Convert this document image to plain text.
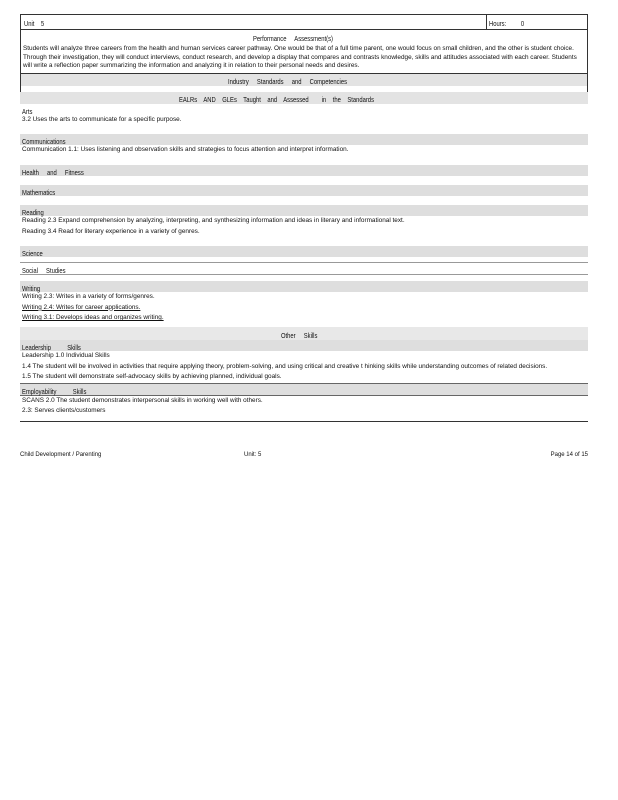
Unit 5	Hours: 0
Performance     Assessment(s)
Students will analyze three careers from the health and human services career pathway. One would be that of a full time parent, one would focus on small children, and the other is student choice. Through their investigation, they will conduct interviews, conduct research, and develop a display that compares and contrasts knowledge, skills and attitudes associated with each career. Students will write a reflection paper summarizing the information and analyzing it in relation to their personal needs and desires.
Industry     Standards     and     Competencies
EALRs    AND    GLEs    Taught    and    Assessed        in    the    Standards
Arts
3.2 Uses the arts to communicate for a specific purpose.
Communications
Communication 1.1: Uses listening and observation skills and strategies to focus attention and interpret information.
Health     and     Fitness
Mathematics
Reading
Reading 2.3 Expand comprehension by analyzing, interpreting, and synthesizing information and ideas in literary and informational text.
Reading 3.4 Read for literary experience in a variety of genres.
Science
Social     Studies
Writing
Writing 2.3: Writes in a variety of forms/genres.
Writing 2.4: Writes for career applications.
Writing 3.1: Develops ideas and organizes writing.
Other     Skills
Leadership          Skills
Leadership 1.0 Individual Skills
1.4 The student will be involved in activities that require applying theory, problem-solving, and using critical and creative t hinking skills while understanding outcomes of related decisions.
1.5 The student will demonstrate self-advocacy skills by achieving planned, individual goals.
Employability          Skills
SCANS 2.0 The student demonstrates interpersonal skills in working well with others.
2.3: Serves clients/customers
Child Development / Parenting	Unit: 5	Page 14 of 15
